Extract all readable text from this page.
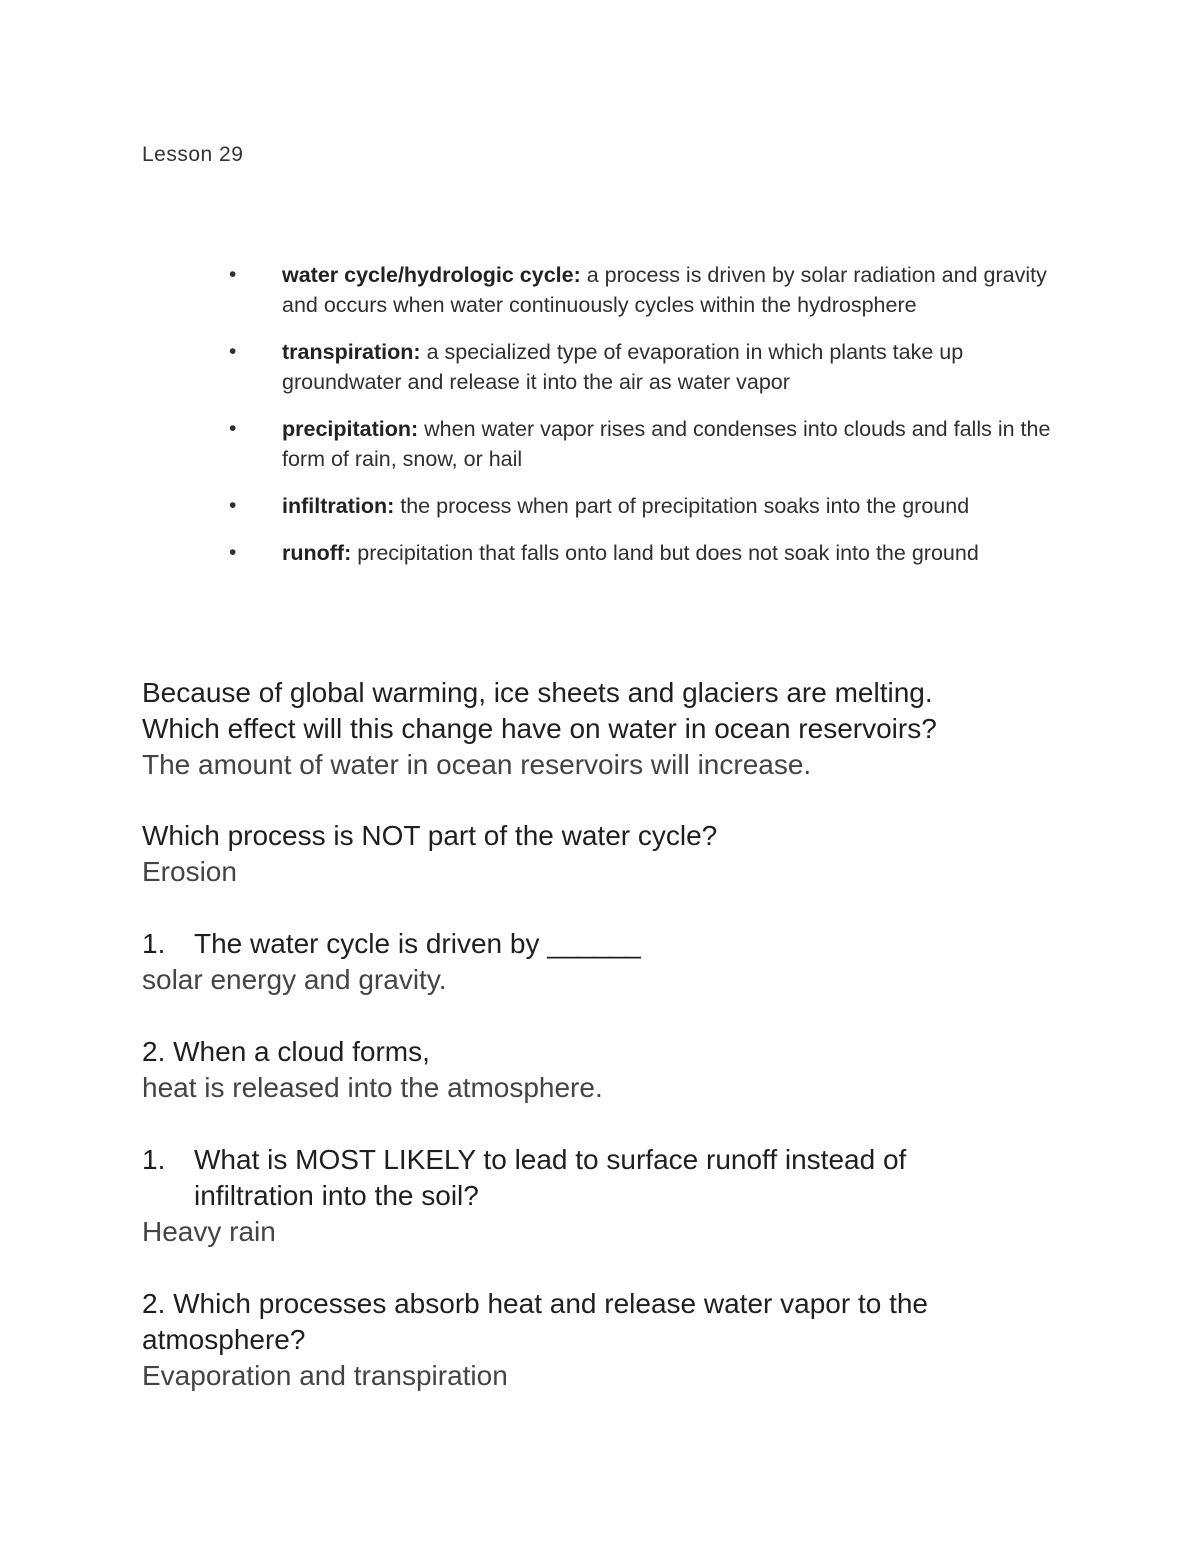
Lesson 29
• water cycle/hydrologic cycle: a process is driven by solar radiation and gravity and occurs when water continuously cycles within the hydrosphere
• transpiration: a specialized type of evaporation in which plants take up groundwater and release it into the air as water vapor
• precipitation: when water vapor rises and condenses into clouds and falls in the form of rain, snow, or hail
• infiltration: the process when part of precipitation soaks into the ground
• runoff: precipitation that falls onto land but does not soak into the ground
Because of global warming, ice sheets and glaciers are melting.
Which effect will this change have on water in ocean reservoirs?
The amount of water in ocean reservoirs will increase.
Which process is NOT part of the water cycle?
Erosion
1. The water cycle is driven by ______
solar energy and gravity.
2. When a cloud forms,
heat is released into the atmosphere.
1. What is MOST LIKELY to lead to surface runoff instead of
infiltration into the soil?
Heavy rain
2. Which processes absorb heat and release water vapor to the
atmosphere?
Evaporation and transpiration
